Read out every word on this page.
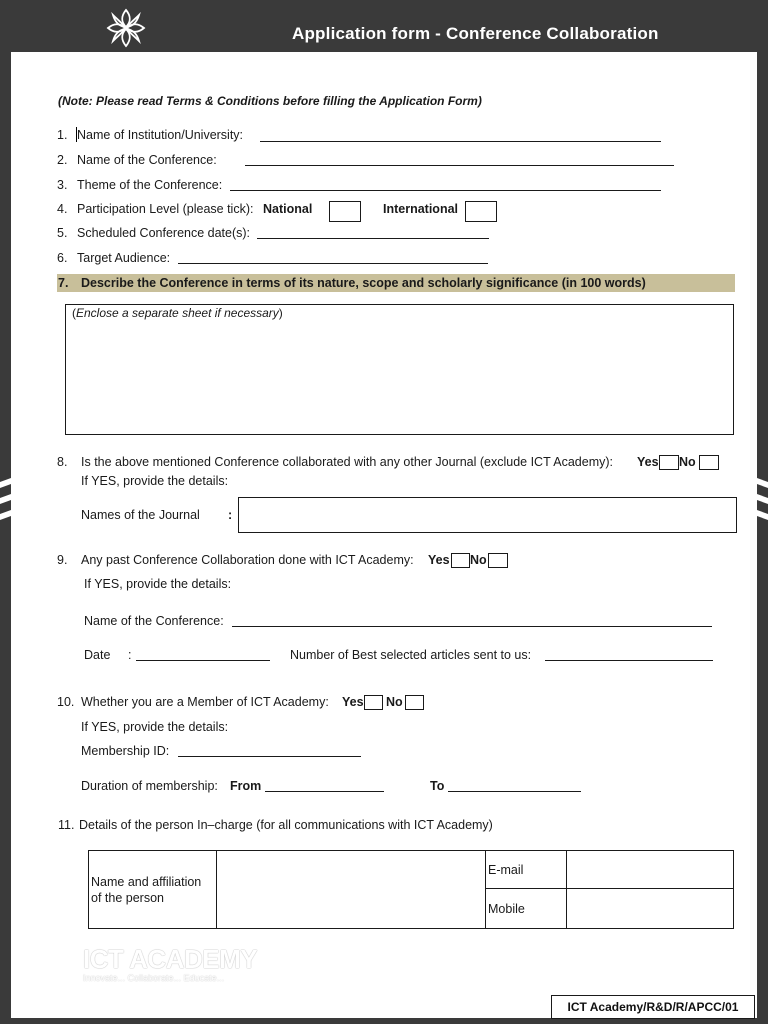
Application form - Conference Collaboration
(Note: Please read Terms & Conditions before filling the Application Form)
1. Name of Institution/University:
2. Name of the Conference:
3. Theme of the Conference:
4. Participation Level (please tick): National	International
5. Scheduled Conference date(s):
6. Target Audience:
7. Describe the Conference in terms of its nature, scope and scholarly significance (in 100 words)
(Enclose a separate sheet if necessary)
8. Is the above mentioned Conference collaborated with any other Journal (exclude ICT Academy): Yes No
If YES, provide the details:
Names of the Journal :
9. Any past Conference Collaboration done with ICT Academy: Yes No
If YES, provide the details:
Name of the Conference:
Date :	Number of Best selected articles sent to us:
10. Whether you are a Member of ICT Academy: Yes No
If YES, provide the details:
Membership ID:
Duration of membership: From	To
11. Details of the person In–charge (for all communications with ICT Academy)
Name and affiliation of the person		E-mail	
		Mobile	
ICT ACADEMY
Innovate... Collaborate... Educate...
ICT Academy/R&D/R/APCC/01
